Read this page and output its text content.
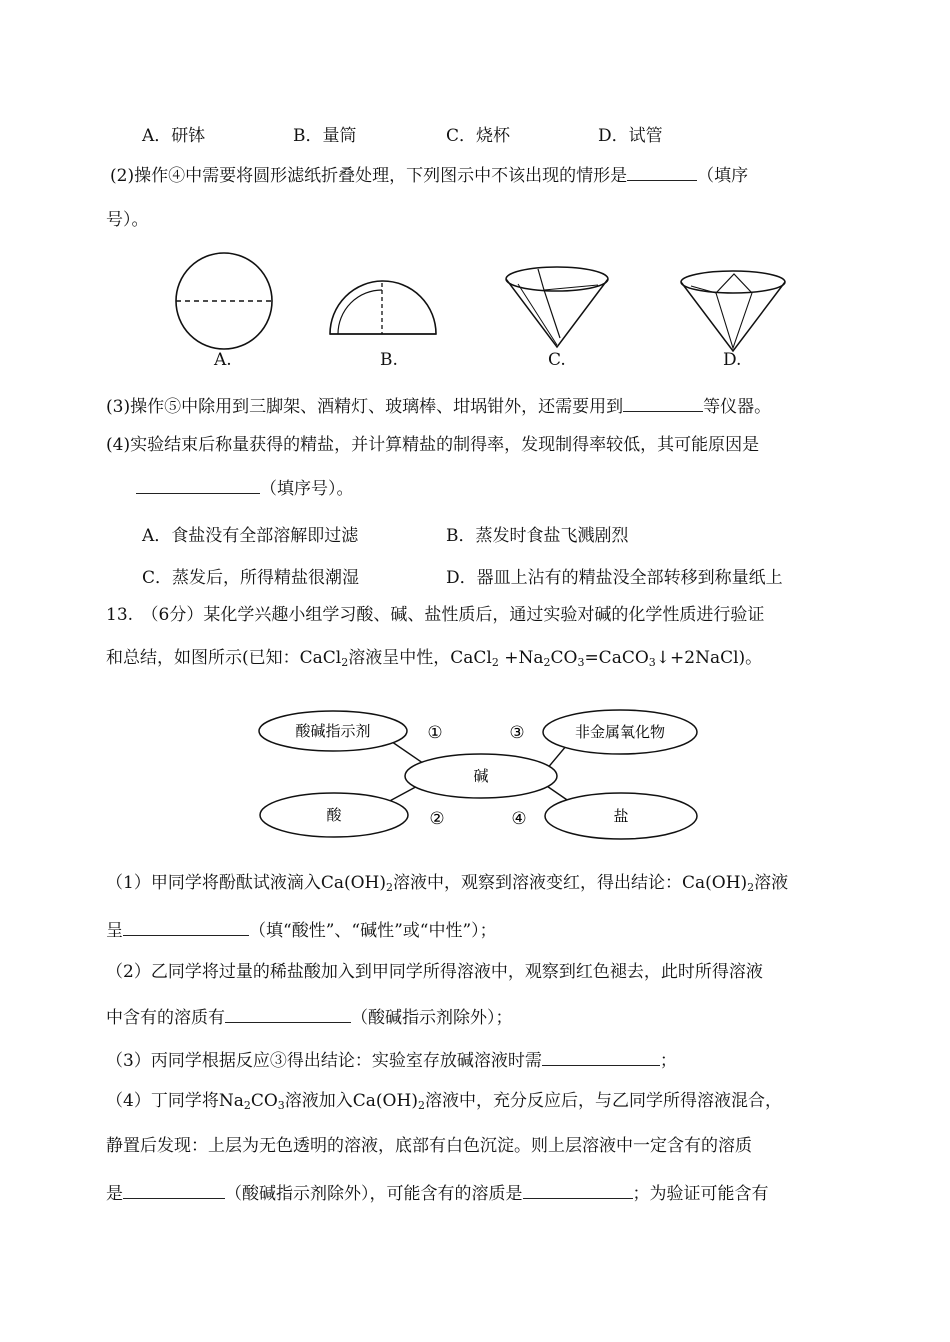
A．研钵	B．量筒	C．烧杯	D．试管
(2)操作④中需要将圆形滤纸折叠处理，下列图示中不该出现的情形是	（填序
号）。
A.	B.	C.	D.
(3)操作⑤中除用到三脚架、酒精灯、玻璃棒、坩埚钳外，还需要用到	等仪器。
(4)实验结束后称量获得的精盐，并计算精盐的制得率，发现制得率较低，其可能原因是
（填序号）。
A．食盐没有全部溶解即过滤	B．蒸发时食盐飞溅剧烈
C．蒸发后，所得精盐很潮湿	D．器皿上沾有的精盐没全部转移到称量纸上
13.　（6分）某化学兴趣小组学习酸、碱、盐性质后，通过实验对碱的化学性质进行验证
和总结，如图所示(已知：CaCl$_2$溶液呈中性，CaCl$_2$ $+Na_2CO_3=CaCO_3↓+2NaCl$)。
酸碱指示剂	非金属氧化物
碱
酸	盐
①	③
②	④
（1）甲同学将酚酞试液滴入$Ca(OH)_2$溶液中，观察到溶液变红，得出结论：$Ca(OH)_2$溶液
呈	（填“酸性”、“碱性”或“中性”）；
（2）乙同学将过量的稀盐酸加入到甲同学所得溶液中，观察到红色褪去，此时所得溶液
中含有的溶质有	（酸碱指示剂除外）；
（3）丙同学根据反应③得出结论：实验室存放碱溶液时需	；
（4）丁同学将$Na_2CO_3$溶液加入$Ca(OH)_2$溶液中，充分反应后，与乙同学所得溶液混合，
静置后发现：上层为无色透明的溶液，底部有白色沉淀。则上层溶液中一定含有的溶质
是	（酸碱指示剂除外），可能含有的溶质是	；为验证可能含有
